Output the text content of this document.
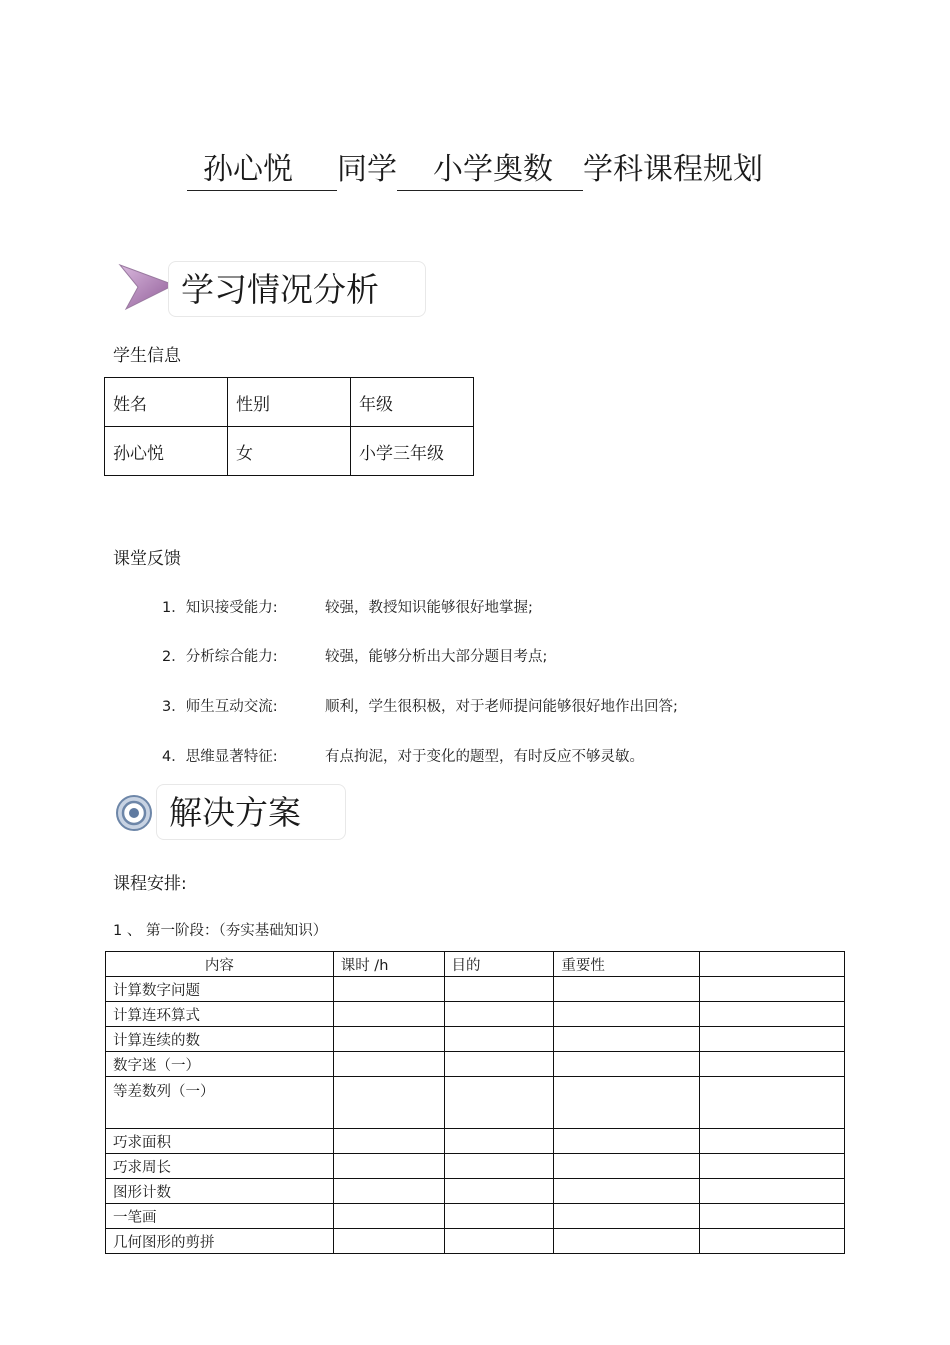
孙心悦 同学 小学奥数 学科课程规划
学习情况分析
学生信息
姓名	性别	年级
孙心悦	女	小学三年级
课堂反馈
1．知识接受能力:	较强，教授知识能够很好地掌握;
2．分析综合能力:	较强，能够分析出大部分题目考点;
3．师生互动交流:	顺利，学生很积极，对于老师提问能够很好地作出回答;
4．思维显著特征:	有点拘泥，对于变化的题型，有时反应不够灵敏。
解决方案
课程安排:
1 、 第一阶段：（夯实基础知识）
内容	课时 /h	目的	重要性	
计算数字问题				
计算连环算式				
计算连续的数				
数字迷（一）				
等差数列（一）				
巧求面积				
巧求周长				
图形计数				
一笔画				
几何图形的剪拼				
